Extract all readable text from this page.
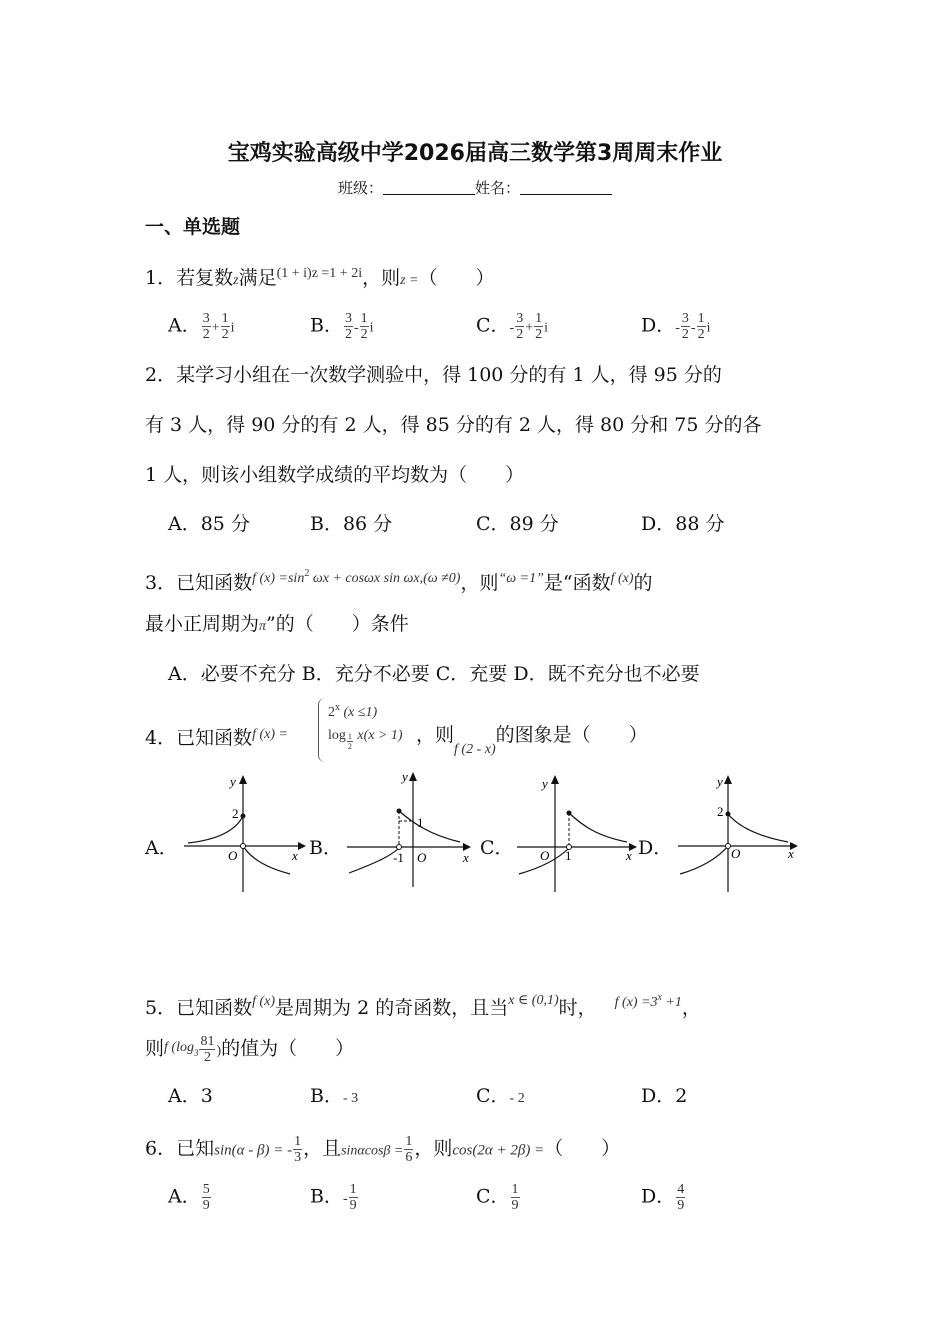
宝鸡实验高级中学2026届高三数学第3周周末作业
班级：	姓名：
一、单选题
1．若复数z满足$^{(1 + i)z =1 + 2i}$，则z =（　　）
A． $\frac{3}{2} + \frac{1}{2}$ i	B． $\frac{3}{2} - \frac{1}{2}$ i	C．- $\frac{3}{2} + \frac{1}{2}$ i	D．- $\frac{3}{2} - \frac{1}{2}$ i
2．某学习小组在一次数学测验中，得 100 分的有 1 人，得 95 分的
有 3 人，得 90 分的有 2 人，得 85 分的有 2 人，得 80 分和 75 分的各
1 人，则该小组数学成绩的平均数为（　　）
A．85 分	B．86 分	C．89 分	D．88 分
3．已知函数$^{f (x) =sin^2 \omega x + cos\omega x sin \omega x,(\omega \ne 0)}$，则$^{“\omega =1”}$是“函数$^{f (x)}$的
最小正周期为π”的（　　）条件
A．必要不充分 B．充分不必要 C．充要 D．既不充分也不必要
4．已知函数$^{f (x) =}$
2$^x$ (x ≤1)
$\log \frac{1}{2} x(x > 1)$ ，则$_{f (2 - x)}$的图象是（　　）
A．	B．	C．	D．
y
2
O	x
y
1
-1 O	x
y
O 1	x
y
2
O	x
5．已知函数$^{f (x)}$是周期为 2 的奇函数，且当$^{x \in (0,1)}$时， $^{f (x) =3^x +1}$，
则$^{f (log_3} \frac{81}{2}$ )的值为（　　）
A．3	B．- 3	C．- 2	D．2
6．已知sin(α - β) = - $\frac{1}{3}$ ，且$\sin\alpha\cos\beta = \frac{1}{6}$ ，则cos(2α + 2β) =（　　）
A． $\frac{5}{9}$	B．- $\frac{1}{9}$	C． $\frac{1}{9}$	D． $\frac{4}{9}$
